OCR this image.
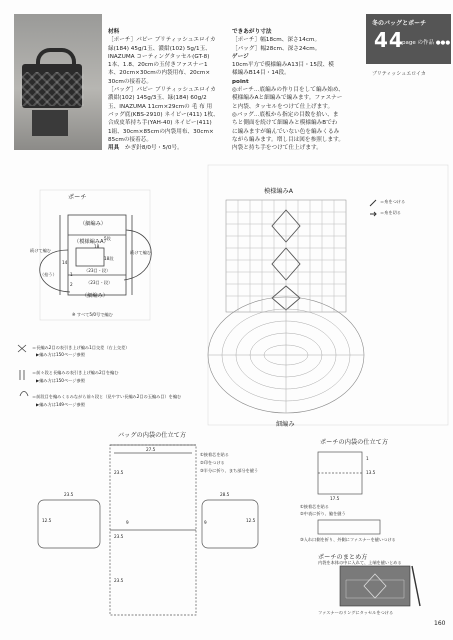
材料
［ポーチ］パピー ブリティッシュエロイカ
緑(184) 45g/1玉、濃紺(102) 5g/1玉、
INAZUMA コーティングタッセル(GT-8)
1本、1.8、20cmの玉付きファスナー1
本、20cm×30cmの内袋用布、20cm×
30cmの接着芯。
［バッグ］パピー ブリティッシュエロイカ
濃紺(102) 145g/3玉、緑(184) 60g/2
玉、INAZUMA 11cm×29cmの 毛 布 用
バッグ底(KBS-2910) ネイビー(411) 1枚、
合成皮革持ち手(YAH-40) ネイビー(411)
1組、30cm×85cmの内袋用布、30cm×
85cmの接着芯。
用具　 かぎ針8/0号・5/0号。
できあがり寸法
［ポーチ］幅18cm、深さ14cm。
［バッグ］幅28cm、深さ24cm。
ゲージ
10cm平方で模様編みA13目・15段、模
様編みB14目・14段。
point
◎ポーチ…底編みの作り目をして編み始め、
模様編みAと細編みで編みます。ファスナー
と内袋、タッセルをつけて仕上げます。
◎バッグ…底板から指定の目数を拾い、ま
ちと側面を続けて細編みと模様編みBでわ
に編みますが編んでいない色を編みくるみ
ながら編みます。増し目は図を参照します。
内袋と持ち手をつけて仕上げます。
冬のバッグとポーチ
44
page の作品 ●●●
ブリティッシュエロイカ
ポーチ
（細編み）
（模様編みA）
（23目・段）
（23目・段）
（細編み）
続けて編む	続けて編む
5段
18段
14
18
1
2
（拾う）
※ すべて5/0号で編む
模様編みA
＝糸をつける
＝糸を切る
細編み
＝長編み2目の表引き上げ編み1目交差（右上交差）
▶編み方は150ページ参照
＝前々段と長編みの表引き上げ編み2目を編む
▶編み方は150ページ参照
＝前段目を編みくるみながら前々段と（見やすい長編み2目の玉編み目）を編む
▶編み方は149ページ参照
バッグの内袋の仕立て方
27.5
23.5
23.5
12.5
23.5
12.5
28.5
9	9
23.5
①接着芯を貼る
②印をつける
③半分に折り、まち部分を縫う
ポーチの内袋の仕立て方
13.5
17.5
1
①接着芯を貼る
②中表に折り、脇を縫う
③入れ口側を折り、外側にファスナーを縫いつける
ポーチのまとめ方
内袋を本体の中に入れて、上端を縫いとめる
ファスナーのリングにタッセルをつける
160
